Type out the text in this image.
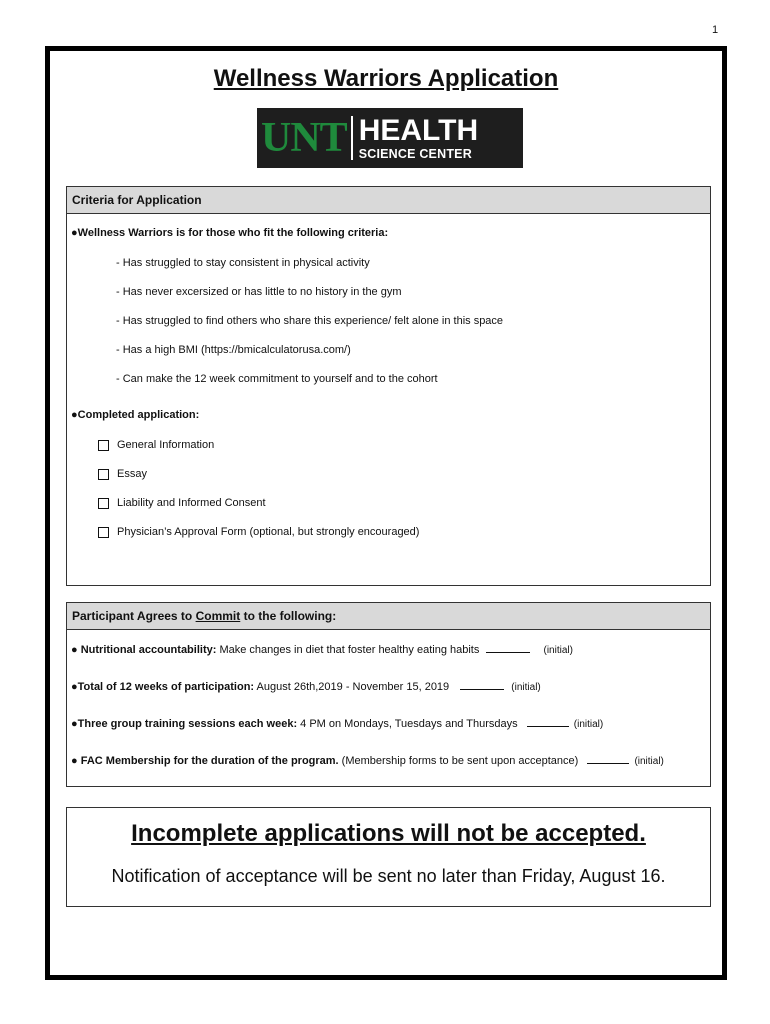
1
Wellness Warriors Application
UNT HEALTH
SCIENCE CENTER
Criteria for Application
●Wellness Warriors is for those who fit the following criteria:
- Has struggled to stay consistent in physical activity
- Has never excersized or has little to no history in the gym
- Has struggled to find others who share this experience/ felt alone in this space
- Has a high BMI (https://bmicalculatorusa.com/)
- Can make the 12 week commitment to yourself and to the cohort
●Completed application:
General Information
Essay
Liability and Informed Consent
Physician’s Approval Form (optional, but strongly encouraged)
Participant Agrees to Commit to the following:
● Nutritional accountability: Make changes in diet that foster healthy eating habits	(initial)
●Total of 12 weeks of participation: August 26th,2019 - November 15, 2019	(initial)
●Three group training sessions each week: 4 PM on Mondays, Tuesdays and Thursdays	(initial)
● FAC Membership for the duration of the program. (Membership forms to be sent upon acceptance)	(initial)
Incomplete applications will not be accepted.
Notification of acceptance will be sent no later than Friday, August 16.
